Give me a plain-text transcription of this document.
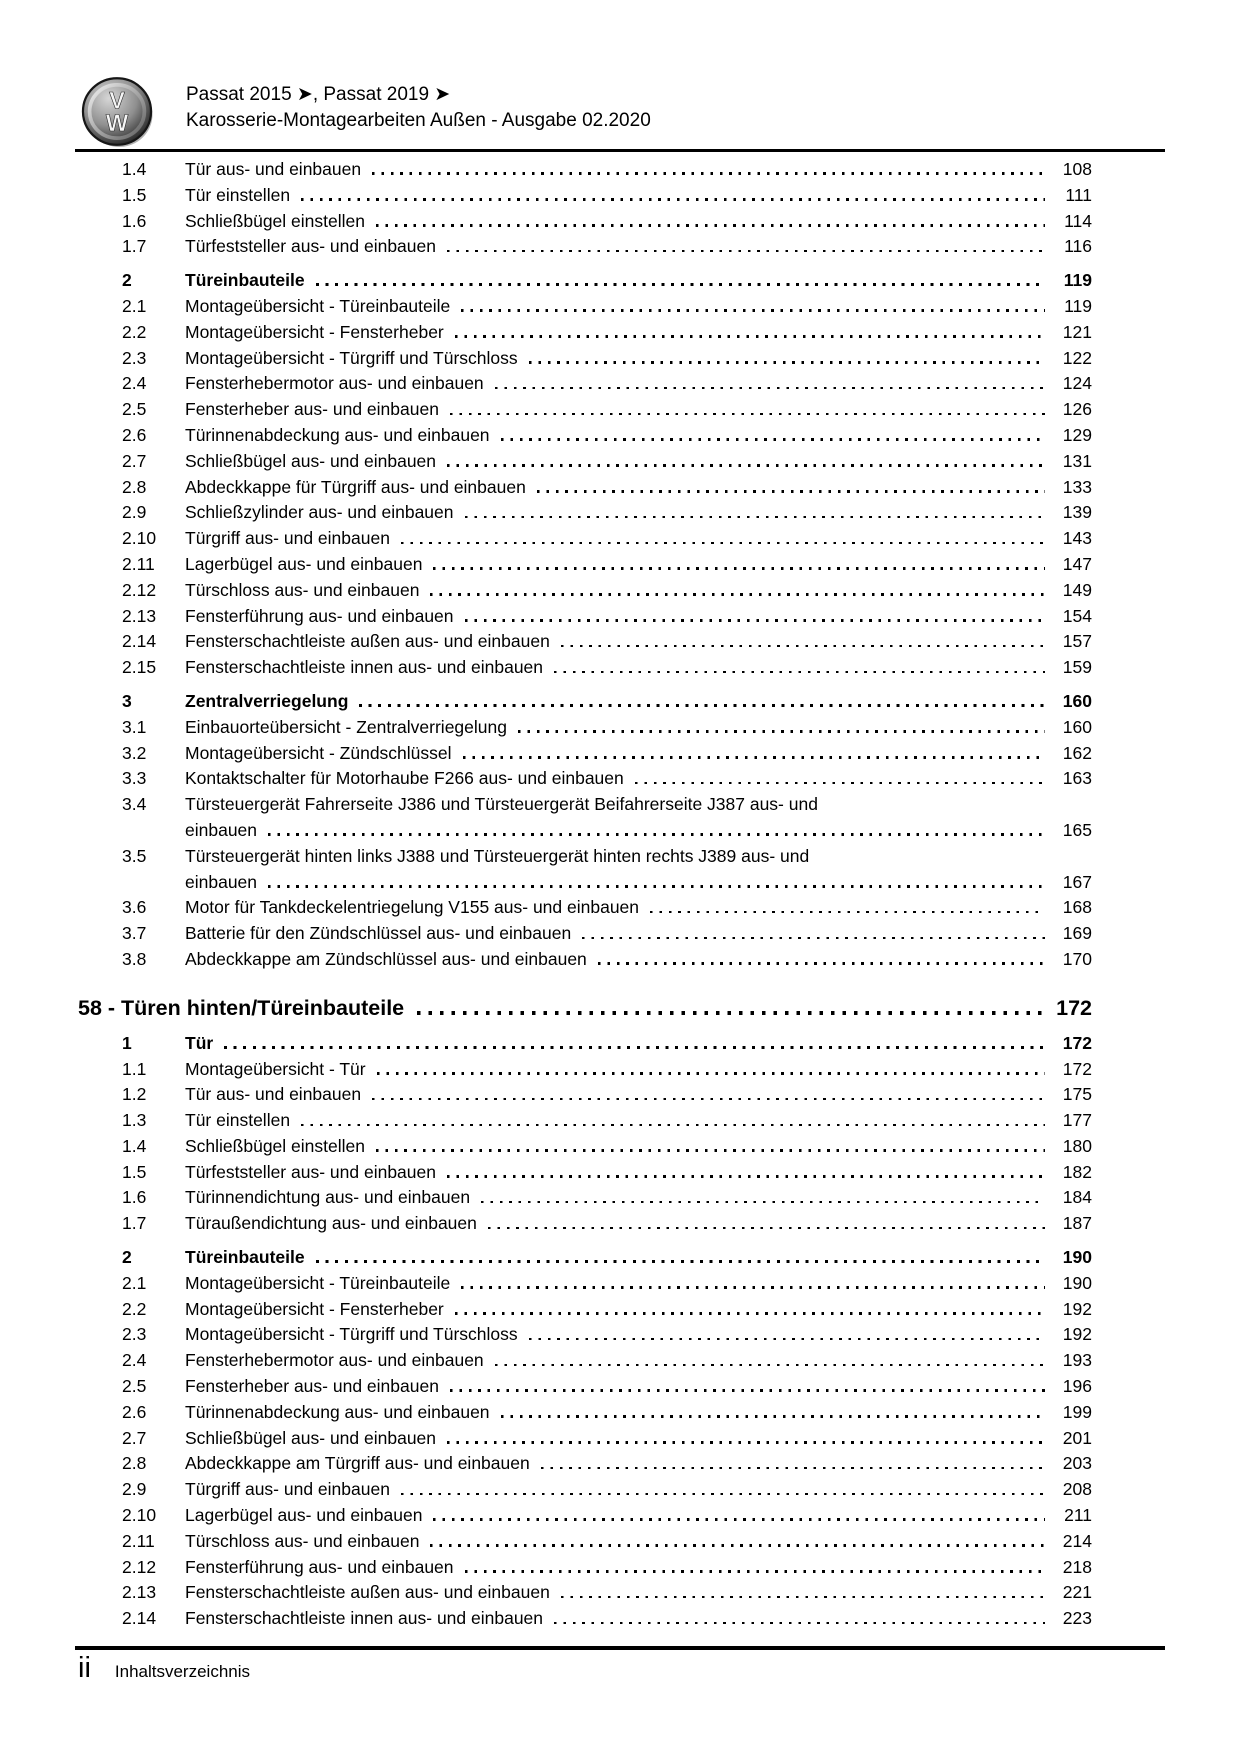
V
W
Passat 2015 ➤, Passat 2019 ➤
Karosserie-Montagearbeiten Außen - Ausgabe 02.2020
1.4	Tür aus- und einbauen	108
1.5	Tür einstellen	111
1.6	Schließbügel einstellen	114
1.7	Türfeststeller aus- und einbauen	116
2	Türeinbauteile	119
2.1	Montageübersicht - Türeinbauteile	119
2.2	Montageübersicht - Fensterheber	121
2.3	Montageübersicht - Türgriff und Türschloss	122
2.4	Fensterhebermotor aus- und einbauen	124
2.5	Fensterheber aus- und einbauen	126
2.6	Türinnenabdeckung aus- und einbauen	129
2.7	Schließbügel aus- und einbauen	131
2.8	Abdeckkappe für Türgriff aus- und einbauen	133
2.9	Schließzylinder aus- und einbauen	139
2.10	Türgriff aus- und einbauen	143
2.11	Lagerbügel aus- und einbauen	147
2.12	Türschloss aus- und einbauen	149
2.13	Fensterführung aus- und einbauen	154
2.14	Fensterschachtleiste außen aus- und einbauen	157
2.15	Fensterschachtleiste innen aus- und einbauen	159
3	Zentralverriegelung	160
3.1	Einbauorteübersicht - Zentralverriegelung	160
3.2	Montageübersicht - Zündschlüssel	162
3.3	Kontaktschalter für Motorhaube F266 aus- und einbauen	163
3.4	Türsteuergerät Fahrerseite J386 und Türsteuergerät Beifahrerseite J387 aus- und
einbauen	165
3.5	Türsteuergerät hinten links J388 und Türsteuergerät hinten rechts J389 aus- und
einbauen	167
3.6	Motor für Tankdeckelentriegelung V155 aus- und einbauen	168
3.7	Batterie für den Zündschlüssel aus- und einbauen	169
3.8	Abdeckkappe am Zündschlüssel aus- und einbauen	170
58 - Türen hinten/Türeinbauteile	172
1	Tür	172
1.1	Montageübersicht - Tür	172
1.2	Tür aus- und einbauen	175
1.3	Tür einstellen	177
1.4	Schließbügel einstellen	180
1.5	Türfeststeller aus- und einbauen	182
1.6	Türinnendichtung aus- und einbauen	184
1.7	Türaußendichtung aus- und einbauen	187
2	Türeinbauteile	190
2.1	Montageübersicht - Türeinbauteile	190
2.2	Montageübersicht - Fensterheber	192
2.3	Montageübersicht - Türgriff und Türschloss	192
2.4	Fensterhebermotor aus- und einbauen	193
2.5	Fensterheber aus- und einbauen	196
2.6	Türinnenabdeckung aus- und einbauen	199
2.7	Schließbügel aus- und einbauen	201
2.8	Abdeckkappe am Türgriff aus- und einbauen	203
2.9	Türgriff aus- und einbauen	208
2.10	Lagerbügel aus- und einbauen	211
2.11	Türschloss aus- und einbauen	214
2.12	Fensterführung aus- und einbauen	218
2.13	Fensterschachtleiste außen aus- und einbauen	221
2.14	Fensterschachtleiste innen aus- und einbauen	223
ii Inhaltsverzeichnis
